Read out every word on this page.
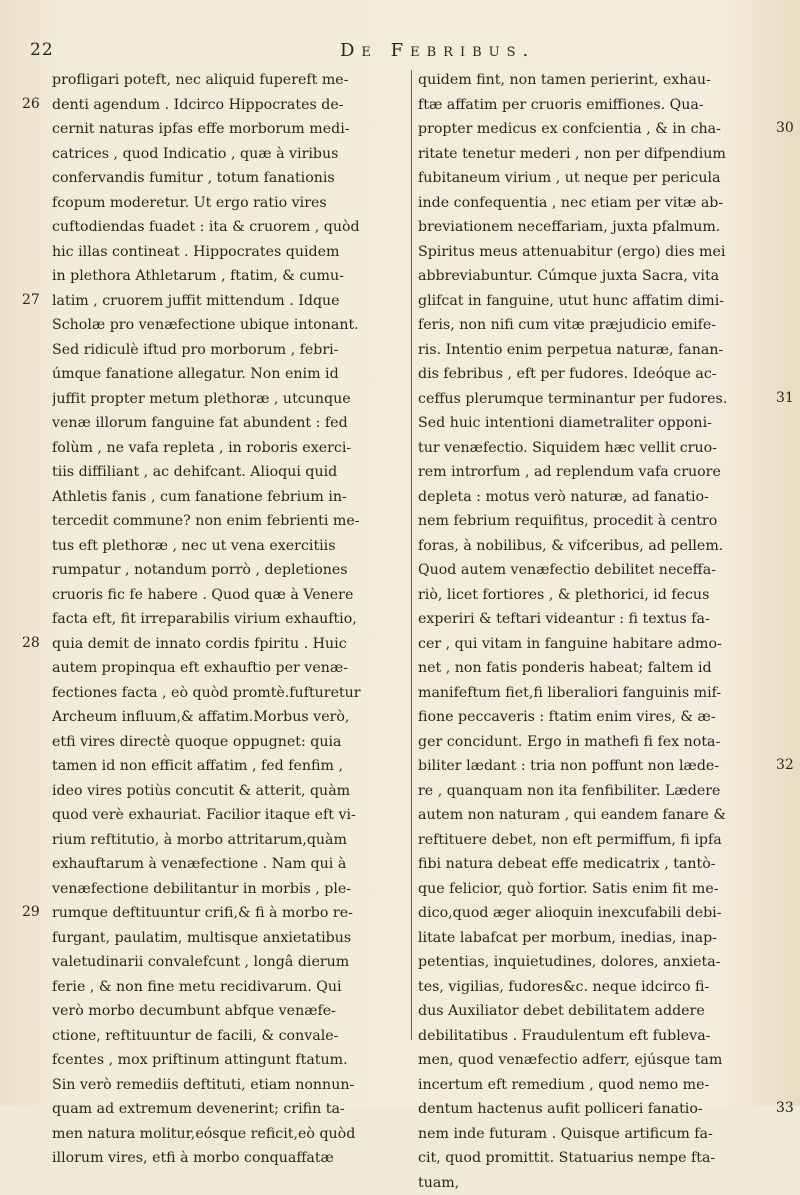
22	De Febribus.
profligari poteft, nec aliquid fupereft me-
denti agendum . Idcirco Hippocrates de-
cernit naturas ipfas effe morborum medi-
catrices , quod Indicatio , quæ à viribus
confervandis fumitur , totum fanationis
fcopum moderetur. Ut ergo ratio vires
cuftodiendas fuadet : ita & cruorem , quòd
hic illas contineat . Hippocrates quidem
in plethora Athletarum , ftatim, & cumu-
latim , cruorem juffit mittendum . Idque
Scholæ pro venæfectione ubique intonant.
Sed ridiculè iftud pro morborum , febri-
úmque fanatione allegatur. Non enim id
juffit propter metum plethoræ , utcunque
venæ illorum fanguine fat abundent : fed
folùm , ne vafa repleta , in roboris exerci-
tiis diffiliant , ac dehifcant. Alioqui quid
Athletis fanis , cum fanatione febrium in-
tercedit commune? non enim febrienti me-
tus eft plethoræ , nec ut vena exercitiis
rumpatur , notandum porrò , depletiones
cruoris fic fe habere . Quod quæ à Venere
facta eft, fit irreparabilis virium exhauftio,
quia demit de innato cordis fpiritu . Huic
autem propinqua eft exhauftio per venæ-
fectiones facta , eò quòd promtè.fufturetur
Archeum influum,& affatim.Morbus verò,
etfi vires directè quoque oppugnet: quia
tamen id non efficit affatim , fed fenfim ,
ideo vires potiùs concutit & atterit, quàm
quod verè exhauriat. Facilior itaque eft vi-
rium reftitutio, à morbo attritarum,quàm
exhauftarum à venæfectione . Nam qui à
venæfectione debilitantur in morbis , ple-
rumque deftituuntur crifi,& fi à morbo re-
furgant, paulatim, multisque anxietatibus
valetudinarii convalefcunt , longâ dierum
ferie , & non fine metu recidivarum. Qui
verò morbo decumbunt abfque venæfe-
ctione, reftituuntur de facili, & convale-
fcentes , mox priftinum attingunt ftatum.
Sin verò remediis deftituti, etiam nonnun-
quam ad extremum devenerint; crifin ta-
men natura molitur,eósque reficit,eò quòd
illorum vires, etfi à morbo conquaffatæ
quidem fint, non tamen perierint, exhau-
ftæ affatim per cruoris emiffiones. Qua-
propter medicus ex confcientia , & in cha-
ritate tenetur mederi , non per difpendium
fubitaneum virium , ut neque per pericula
inde confequentia , nec etiam per vitæ ab-
breviationem neceffariam, juxta pfalmum.
Spiritus meus attenuabitur (ergo) dies mei
abbreviabuntur. Cúmque juxta Sacra, vita
glifcat in fanguine, utut hunc affatim dimi-
feris, non nifi cum vitæ præjudicio emife-
ris. Intentio enim perpetua naturæ, fanan-
dis febribus , eft per fudores. Ideóque ac-
ceffus plerumque terminantur per fudores.
Sed huic intentioni diametraliter opponi-
tur venæfectio. Siquidem hæc vellit cruo-
rem introrfum , ad replendum vafa cruore
depleta : motus verò naturæ, ad fanatio-
nem febrium requifitus, procedit à centro
foras, à nobilibus, & vifceribus, ad pellem.
Quod autem venæfectio debilitet neceffa-
riò, licet fortiores , & plethorici, id fecus
experiri & teftari videantur : fi textus fa-
cer , qui vitam in fanguine habitare admo-
net , non fatis ponderis habeat; faltem id
manifeftum fiet,fi liberaliori fanguinis mif-
fione peccaveris : ftatim enim vires, & æ-
ger concidunt. Ergo in mathefi fi fex nota-
biliter lædant : tria non poffunt non læde-
re , quanquam non ita fenfibiliter. Lædere
autem non naturam , qui eandem fanare &
reftituere debet, non eft permiffum, fi ipfa
fibi natura debeat effe medicatrix , tantò-
que felicior, quò fortior. Satis enim fit me-
dico,quod æger alioquin inexcufabili debi-
litate labafcat per morbum, inedias, inap-
petentias, inquietudines, dolores, anxieta-
tes, vigilias, fudores&c. neque idcirco fi-
dus Auxiliator debet debilitatem addere
debilitatibus . Fraudulentum eft fubleva-
men, quod venæfectio adferr, ejúsque tam
incertum eft remedium , quod nemo me-
dentum hactenus aufit polliceri fanatio-
nem inde futuram . Quisque artificum fa-
cit, quod promittit. Statuarius nempe fta-
tuam,
26
27
28
29
30
31
32
33
